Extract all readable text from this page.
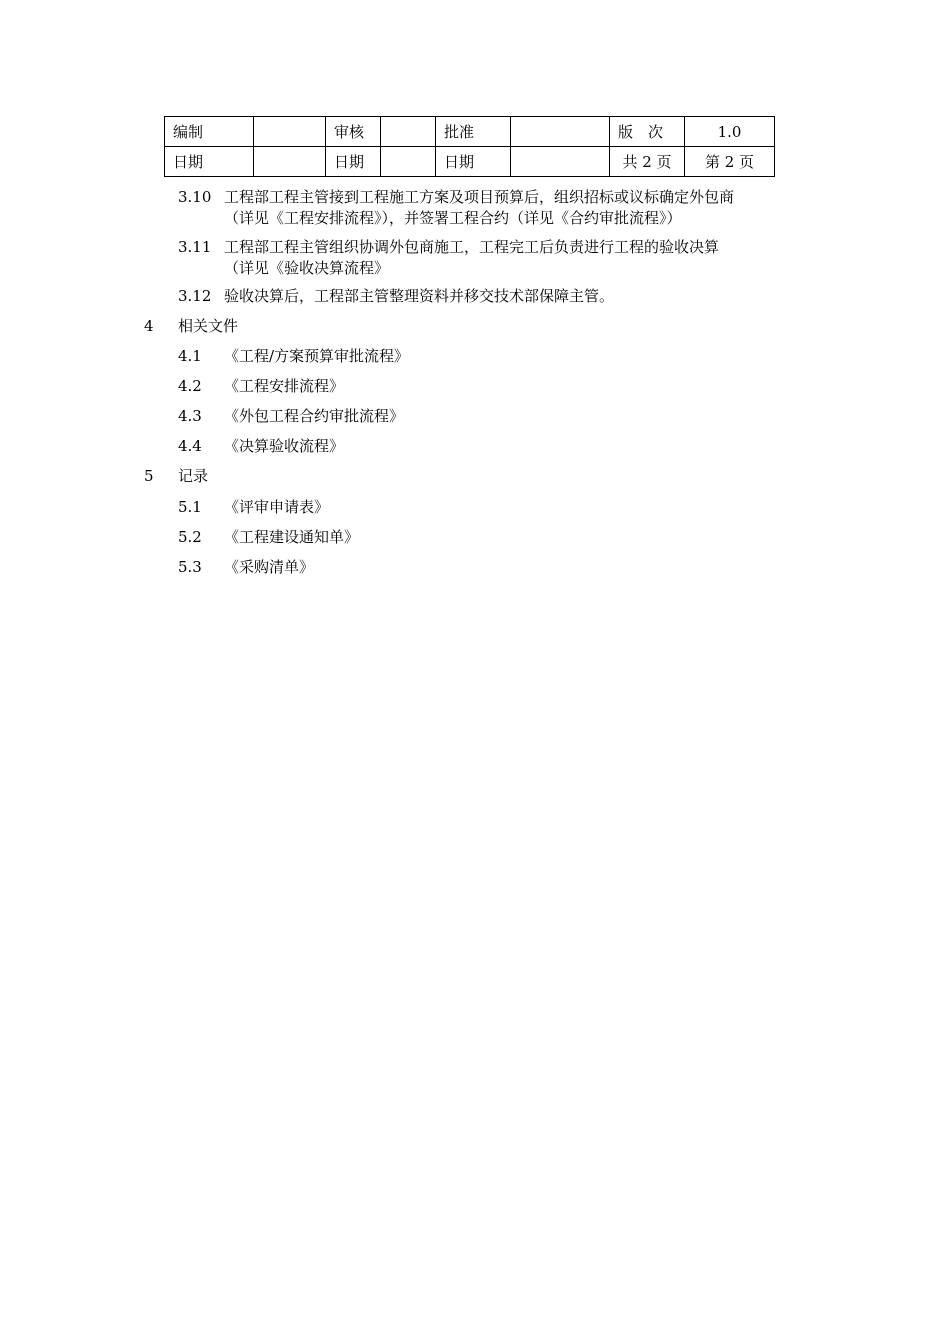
编制		审核		批准		版　次	1.0
日期		日期		日期		共 2 页	第 2 页
3.10 工程部工程主管接到工程施工方案及项目预算后，组织招标或议标确定外包商
（详见《工程安排流程》），并签署工程合约（详见《合约审批流程》）
3.11 工程部工程主管组织协调外包商施工，工程完工后负责进行工程的验收决算
（详见《验收决算流程》
3.12 验收决算后，工程部主管整理资料并移交技术部保障主管。
4 相关文件
4.1 《工程/方案预算审批流程》
4.2 《工程安排流程》
4.3 《外包工程合约审批流程》
4.4 《决算验收流程》
5 记录
5.1 《评审申请表》
5.2 《工程建设通知单》
5.3 《采购清单》
